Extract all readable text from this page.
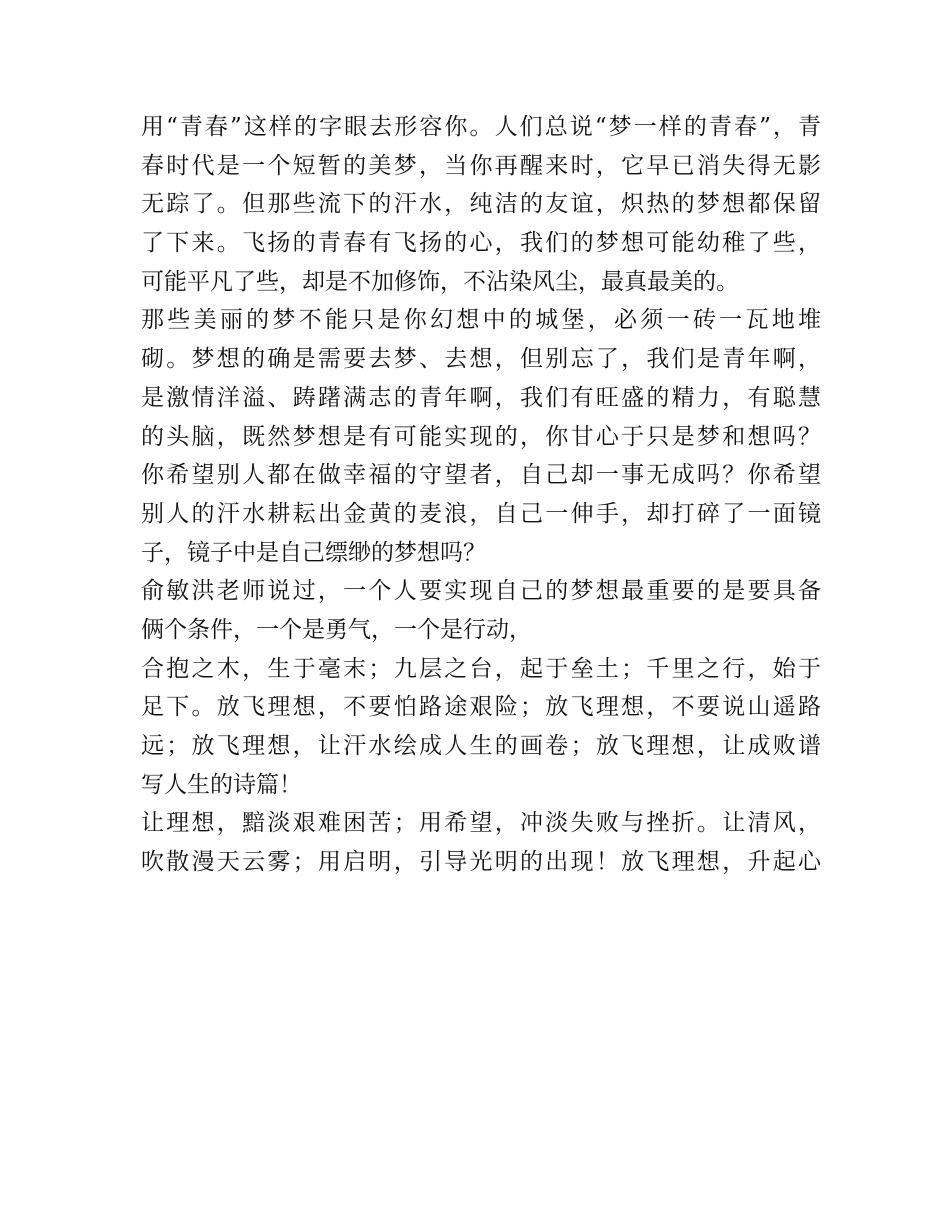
用“青春”这样的字眼去形容你。人们总说“梦一样的青春”，青
春时代是一个短暂的美梦，当你再醒来时，它早已消失得无影
无踪了。但那些流下的汗水，纯洁的友谊，炽热的梦想都保留
了下来。飞扬的青春有飞扬的心，我们的梦想可能幼稚了些，
可能平凡了些，却是不加修饰，不沾染风尘，最真最美的。
那些美丽的梦不能只是你幻想中的城堡，必须一砖一瓦地堆
砌。梦想的确是需要去梦、去想，但别忘了，我们是青年啊，
是激情洋溢、踌躇满志的青年啊，我们有旺盛的精力，有聪慧
的头脑，既然梦想是有可能实现的，你甘心于只是梦和想吗？
你希望别人都在做幸福的守望者，自己却一事无成吗？你希望
别人的汗水耕耘出金黄的麦浪，自己一伸手，却打碎了一面镜
子，镜子中是自己缥缈的梦想吗？
俞敏洪老师说过，一个人要实现自己的梦想最重要的是要具备
俩个条件，一个是勇气，一个是行动，
合抱之木，生于毫末；九层之台，起于垒土；千里之行，始于
足下。放飞理想，不要怕路途艰险；放飞理想，不要说山遥路
远；放飞理想，让汗水绘成人生的画卷；放飞理想，让成败谱
写人生的诗篇！
让理想，黯淡艰难困苦；用希望，冲淡失败与挫折。让清风，
吹散漫天云雾；用启明，引导光明的出现！放飞理想，升起心
